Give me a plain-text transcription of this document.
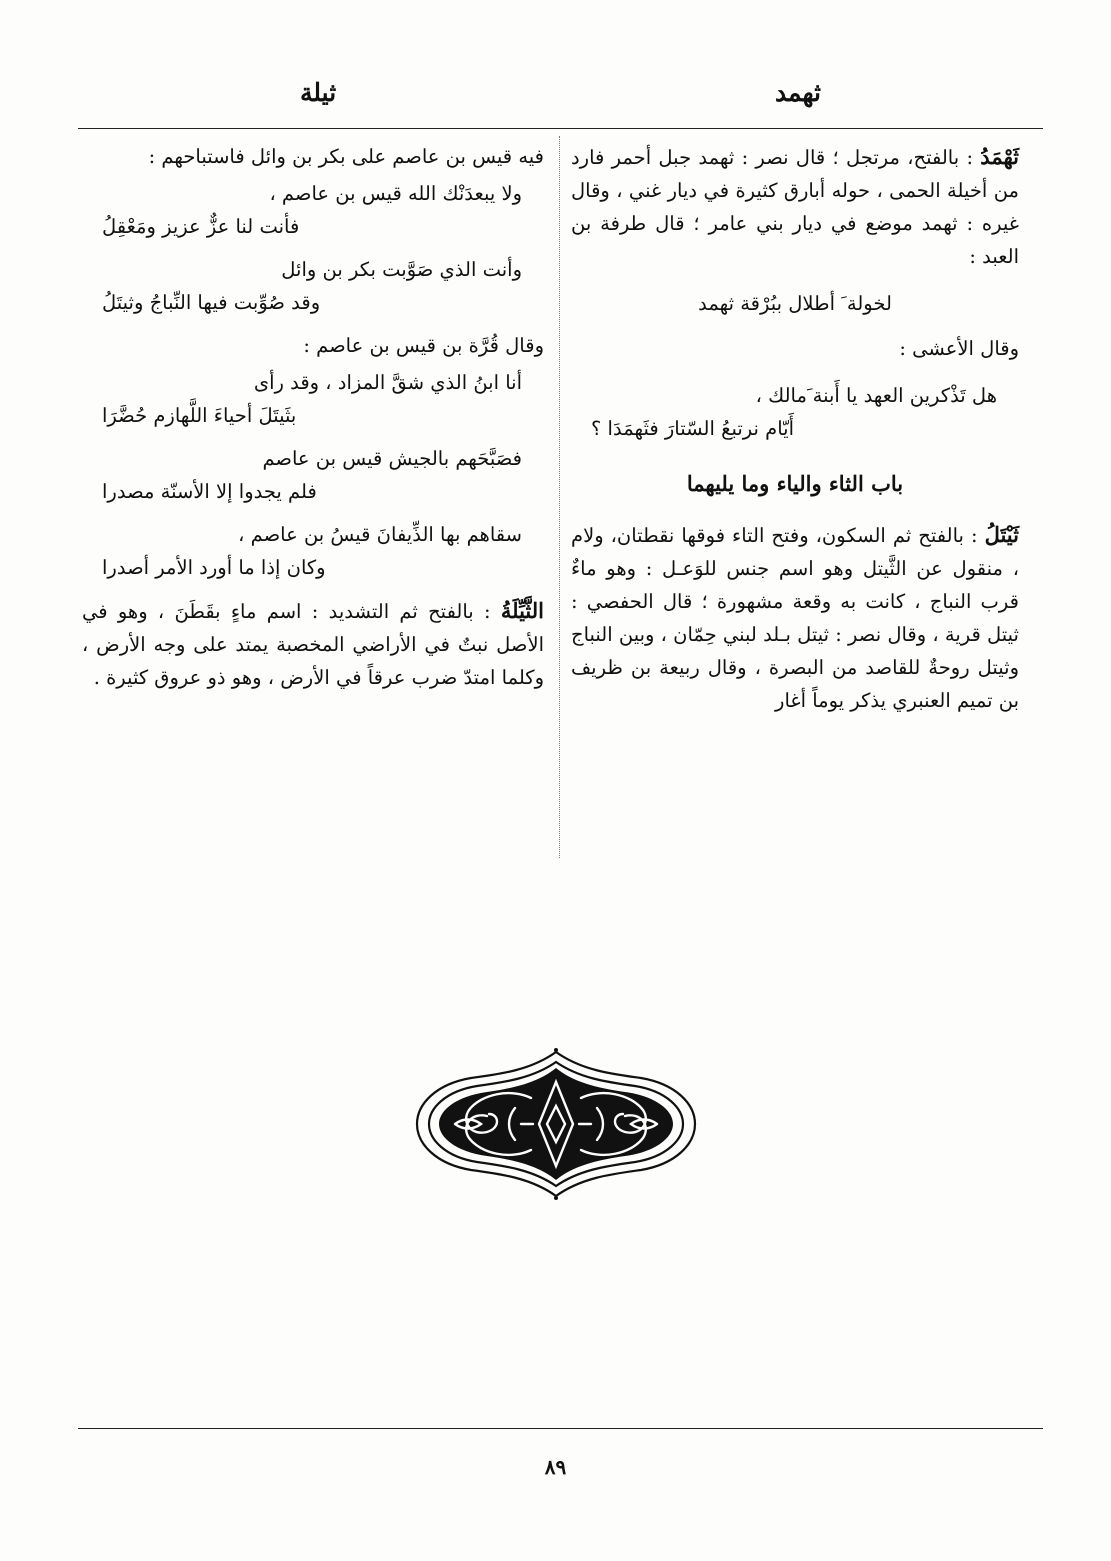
ثهمد
ثيلة

ثَهْمَدُ : بالفتح، مرتجل ؛ قال نصر : ثهمد جبل أحمر فارد من أخيلة الحمى ، حوله أبارق كثيرة في ديار غني ، وقال غيره : ثهمد موضع في ديار بني عامر ؛ قال طرفة بن العبد :

لخولة َ أطلال ببُرْقة ثهمد

وقال الأعشى :

هل تَذْكرين العهد يا أَبنة َمالك ،
أَيّام نرتبعُ السّتارَ فثَهمَدَا ؟
باب الثاء والياء وما يليهما

ثَيْتَلُ : بالفتح ثم السكون، وفتح التاء فوقها نقطتان، ولام ، منقول عن الثَّيتل وهو اسم جنس للوَعـل : وهو ماءٌ قرب النباج ، كانت به وقعة مشهورة ؛ قال الحفصي : ثيتل قرية ، وقال نصر : ثيتل بـلد لبني حِمّان ، وبين النباج وثيتل روحةٌ للقاصد من البصرة ، وقال ربيعة بن ظريف بن تميم العنبري يذكر يوماً أغار

فيه قيس بن عاصم على بكر بن وائل فاستباحهم :

ولا يبعدَنْك الله قيس بن عاصم ،
فأنت لنا عزٌّ عزيز ومَعْقِلُ
وأنت الذي صَوَّبت بكر بن وائل
وقد صُوِّبت فيها النِّباجُ وثيتَلُ

وقال قُرَّة بن قيس بن عاصم :

أنا ابنُ الذي شقَّ المزاد ، وقد رأى
بثَيتَلَ أحياءَ اللَّهازم حُضَّرَا
فصَبَّحَهم بالجيش قيس بن عاصم
فلم يجدوا إلا الأسنّة مصدرا
سقاهم بها الذِّيفانَ قيسُ بن عاصم ،
وكان إذا ما أورد الأمر أصدرا

الثَّيِّلَةُ : بالفتح ثم التشديد : اسم ماءٍ بقَطَنَ ، وهو في الأصل نبتٌ في الأراضي المخصبة يمتد على وجه الأرض ، وكلما امتدّ ضرب عرقاً في الأرض ، وهو ذو عروق كثيرة .

٨٩
